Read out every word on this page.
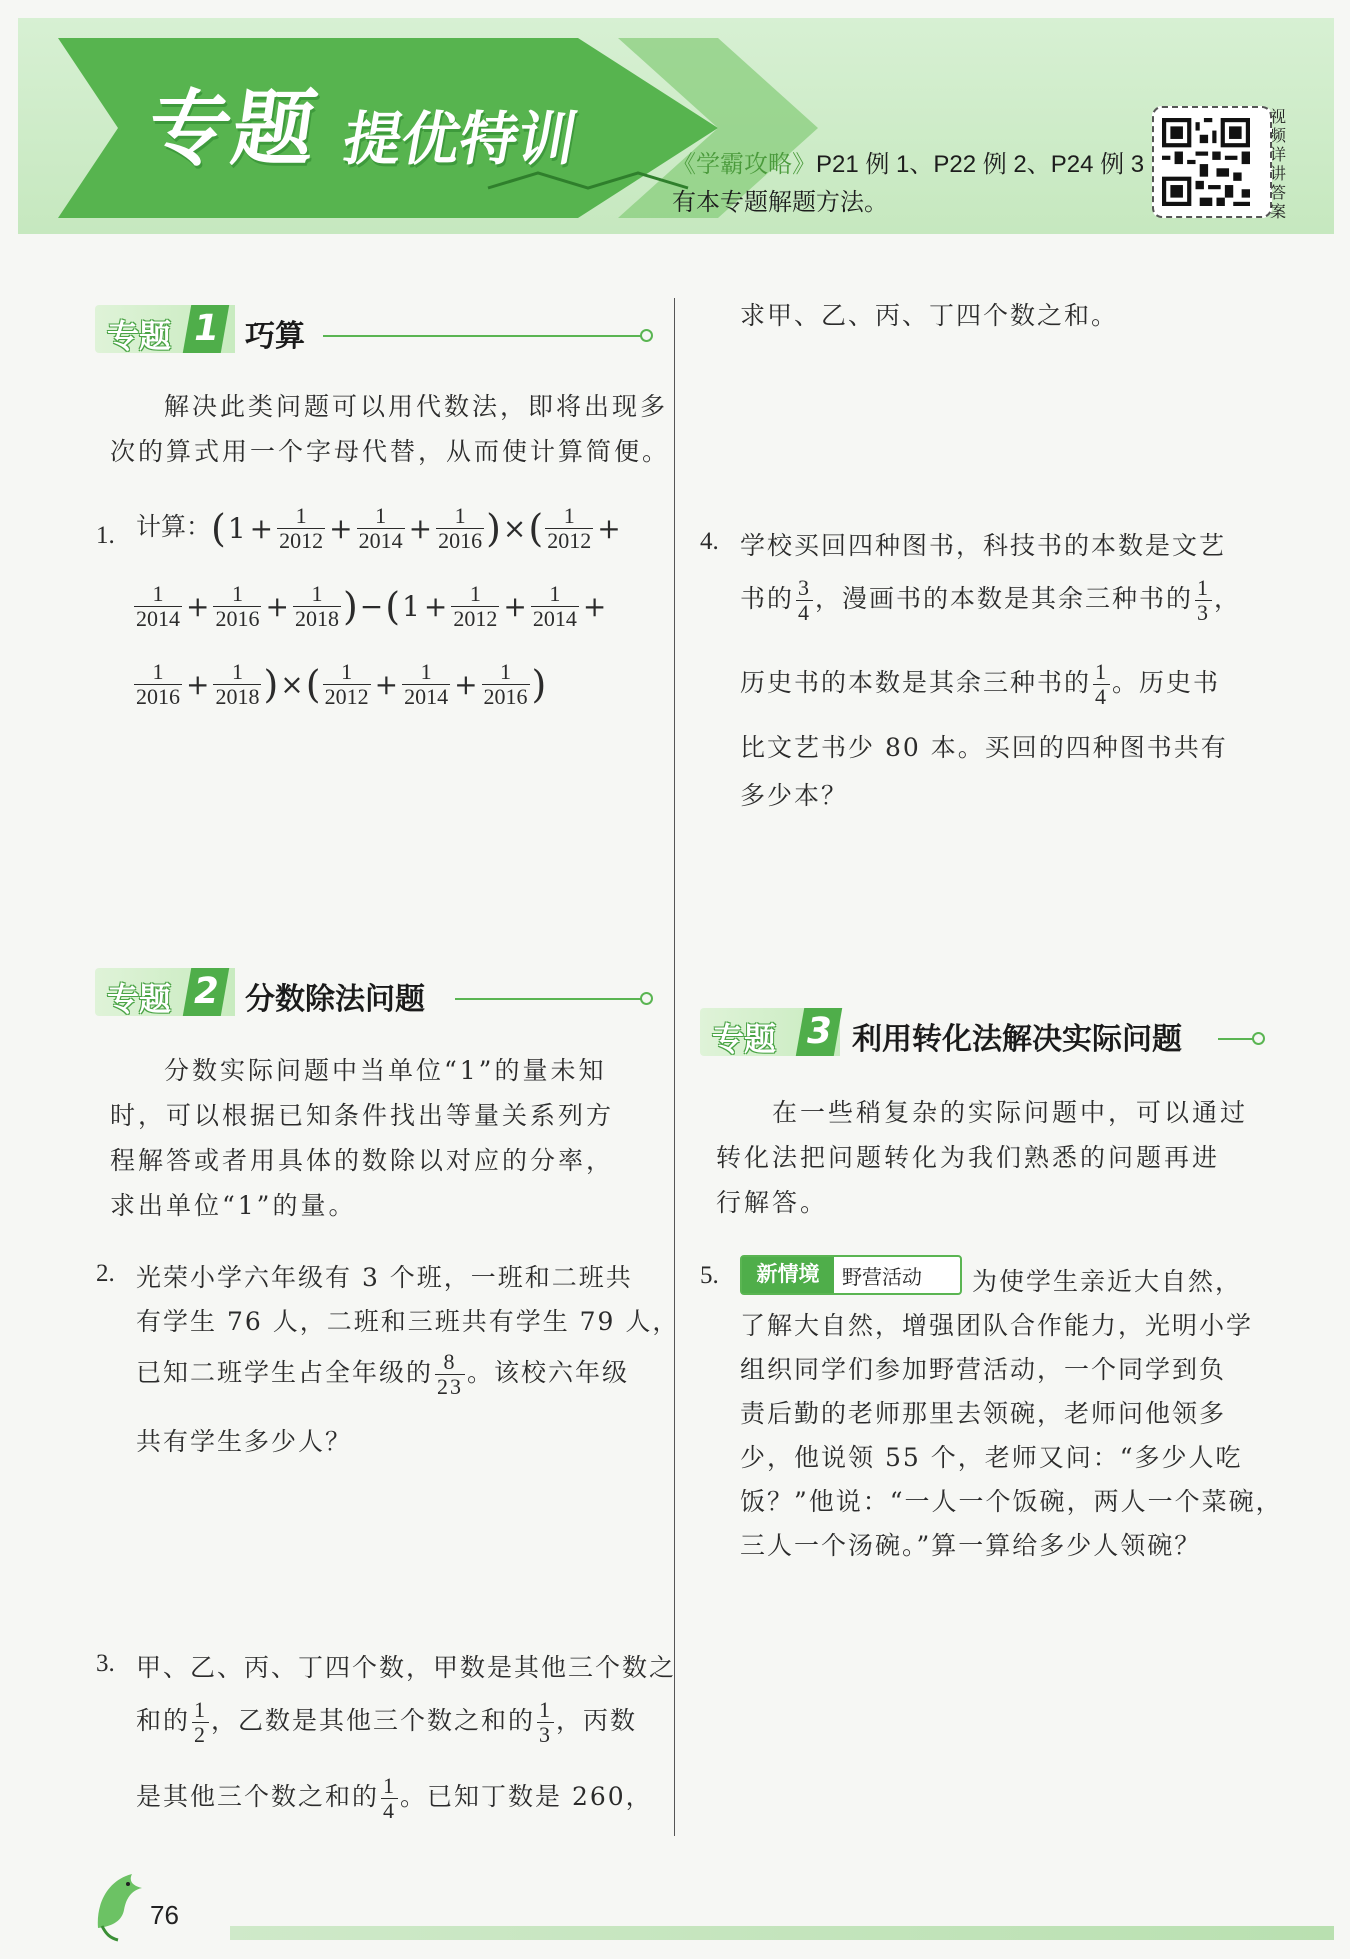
专题 提优特训	《学霸攻略》P21 例 1、P22 例 2、P24 例 3
有本专题解题方法。
视频详讲答案
专题 1 巧算
解决此类问题可以用代数法，即将出现多
次的算式用一个字母代替，从而使计算简便。
1. 计算：($1 + \frac{1}{2012} + \frac{1}{2014} + \frac{1}{2016}$ )×( $\frac{1}{2012}$ +
$\frac{1}{2014} + \frac{1}{2016} + \frac{1}{2018} )-(1 + \frac{1}{2012} + \frac{1}{2014}$ +
$\frac{1}{2016} + \frac{1}{2018}$ )×( $\frac{1}{2012} + \frac{1}{2014} + \frac{1}{2016}$ )
专题 2 分数除法问题
分数实际问题中当单位“1”的量未知
时，可以根据已知条件找出等量关系列方
程解答或者用具体的数除以对应的分率，
求出单位“1”的量。
2. 光荣小学六年级有 3 个班，一班和二班共
有学生 76 人，二班和三班共有学生 79 人，
已知二班学生占全年级的 $\frac{8}{23}$ 。该校六年级
共有学生多少人？
3. 甲、乙、丙、丁四个数，甲数是其他三个数之
和的 $\frac{1}{2}$ ，乙数是其他三个数之和的 $\frac{1}{3}$ ，丙数
是其他三个数之和的 $\frac{1}{4}$ 。已知丁数是 260，
求甲、乙、丙、丁四个数之和。
4. 学校买回四种图书，科技书的本数是文艺
书的 $\frac{3}{4}$ ，漫画书的本数是其余三种书的 $\frac{1}{3}$ ，
历史书的本数是其余三种书的 $\frac{1}{4}$ 。历史书
比文艺书少 80 本。买回的四种图书共有
多少本？
专题 3 利用转化法解决实际问题
在一些稍复杂的实际问题中，可以通过
转化法把问题转化为我们熟悉的问题再进
行解答。
5.	新情境	野营活动 为使学生亲近大自然，
了解大自然，增强团队合作能力，光明小学
组织同学们参加野营活动，一个同学到负
责后勤的老师那里去领碗，老师问他领多
少，他说领 55 个，老师又问：“多少人吃
饭？”他说：“一人一个饭碗，两人一个菜碗，
三人一个汤碗。”算一算给多少人领碗？
76
